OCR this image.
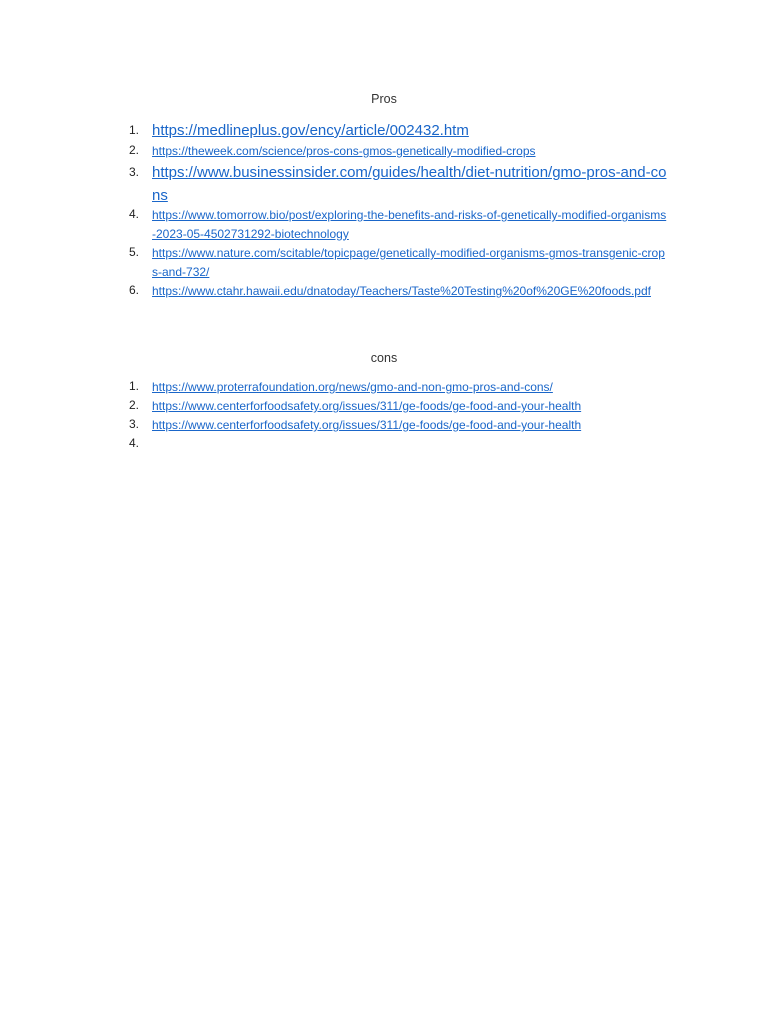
Pros
1. https://medlineplus.gov/ency/article/002432.htm
2. https://theweek.com/science/pros-cons-gmos-genetically-modified-crops
3. https://www.businessinsider.com/guides/health/diet-nutrition/gmo-pros-and-cons
4. https://www.tomorrow.bio/post/exploring-the-benefits-and-risks-of-genetically-modified-organisms-2023-05-4502731292-biotechnology
5. https://www.nature.com/scitable/topicpage/genetically-modified-organisms-gmos-transgenic-crops-and-732/
6. https://www.ctahr.hawaii.edu/dnatoday/Teachers/Taste%20Testing%20of%20GE%20foods.pdf
cons
1. https://www.proterrafoundation.org/news/gmo-and-non-gmo-pros-and-cons/
2. https://www.centerforfoodsafety.org/issues/311/ge-foods/ge-food-and-your-health
3. https://www.centerforfoodsafety.org/issues/311/ge-foods/ge-food-and-your-health
4.
